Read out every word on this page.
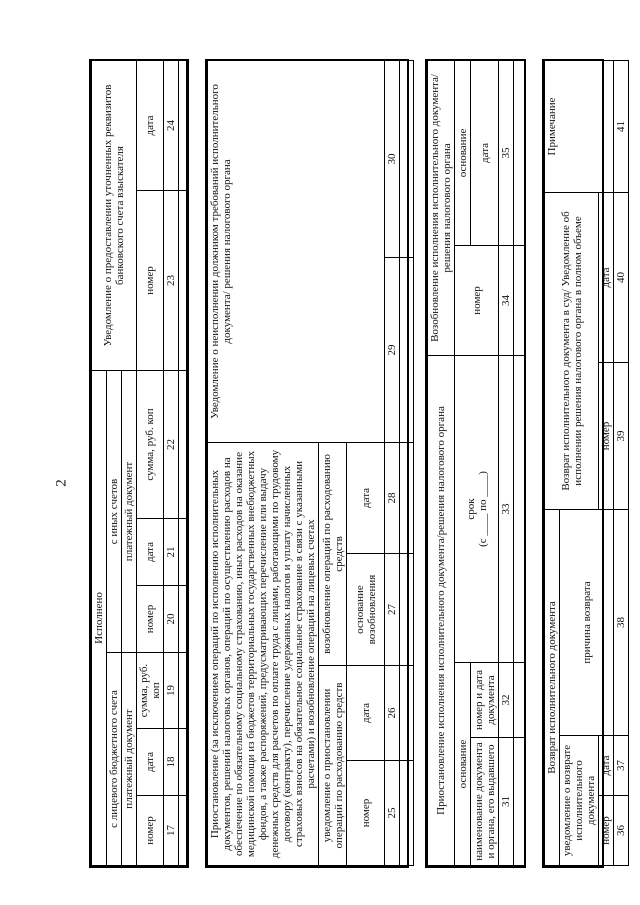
2
Исполнено						Уведомление о предоставлении уточненных реквизитов банковского счета взыскателя	
с лицевого бюджетного счета			с иных счетов				
платежный документ			платежный документ				
номер	дата	сумма, руб. коп	номер	дата	сумма, руб. коп	номер	дата
17	18	19	20	21	22	23	24

Приостановление (за исключением операций по исполнению исполнительных документов, решений налоговых органов, операций по осуществлению расходов на обеспечение по обязательному социальному страхованию, иных расходов на оказание медицинской помощи из бюджетов территориальных государственных внебюджетных фондов, а также распоряжений, предусматривающих перечисление или выдачу денежных средств для расчетов по оплате труда с лицами, работающими по трудовому договору (контракту), перечисление удержанных налогов и уплату начисленных страховых взносов на обязательное социальное страхование в связи с указанными расчетами) и возобновление операций на лицевых счетах				Уведомление о неисполнении должником требований исполнительного документа/ решения налогового органа	
уведомление о приостановлении операций по расходованию средств		возобновление операций по расходованию средств			
номер	дата	основание возобновления	дата		
25	26	27	28	29	30

Приостановление исполнения исполнительного документа/решения налогового органа			Возобновление исполнения исполнительного документа/решения налогового органа	
основание		срок (с ____ по ____)	номер	основание
наименование документа и органа, его выдавшего	номер и дата документа			дата
31	32	33	34	35

Возврат исполнительного документа			Возврат исполнительного документа в суд/ Уведомление об исполнении решения налогового органа в полном объеме		Примечание
уведомление о возврате исполнительного документа		причина возврата			
номер	дата		номер	дата	
36	37	38	39	40	41
